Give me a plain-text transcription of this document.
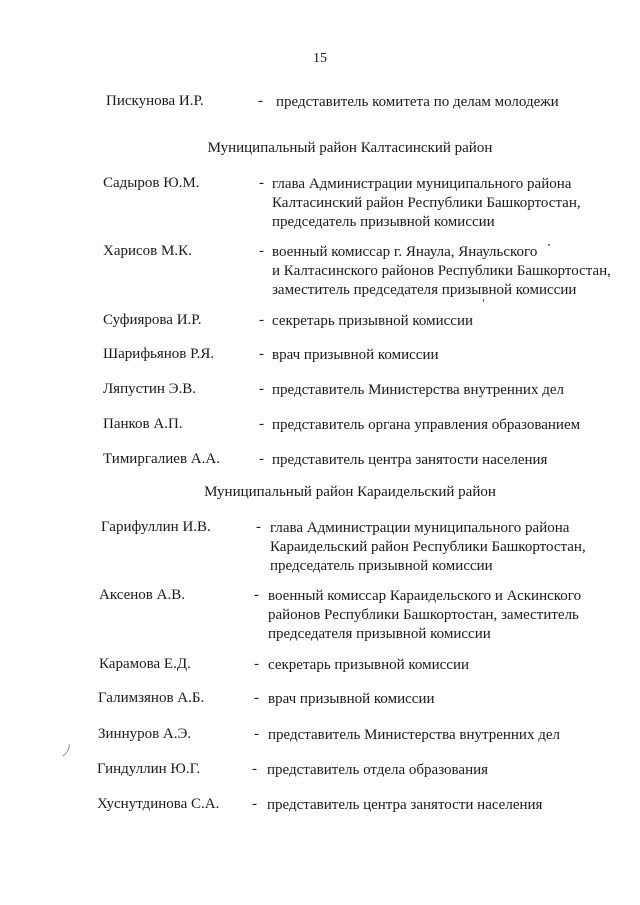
15
Пискунова И.Р.	- представитель комитета по делам молодежи
Муниципальный район Калтасинский район
Садыров Ю.М.	- глава Администрации муниципального района
Калтасинский район Республики Башкортостан,
председатель призывной комиссии
Харисов М.К.	- военный комиссар г. Янаула, Янаульского
и Калтасинского районов Республики Башкортостан,
заместитель председателя призывной комиссии
Суфиярова И.Р.	- секретарь призывной комиссии
Шарифьянов Р.Я.	- врач призывной комиссии
Ляпустин Э.В.	- представитель Министерства внутренних дел
Панков А.П.	- представитель органа управления образованием
Тимиргалиев А.А.	- представитель центра занятости населения
Муниципальный район Караидельский район
Гарифуллин И.В.	- глава Администрации муниципального района
Караидельский район Республики Башкортостан,
председатель призывной комиссии
Аксенов А.В.	- военный комиссар Караидельского и Аскинского
районов Республики Башкортостан, заместитель
председателя призывной комиссии
Карамова Е.Д.	- секретарь призывной комиссии
Галимзянов А.Б.	- врач призывной комиссии
Зиннуров А.Э.	- представитель Министерства внутренних дел
Гиндуллин Ю.Г.	- представитель отдела образования
Хуснутдинова С.А. - представитель центра занятости населения
